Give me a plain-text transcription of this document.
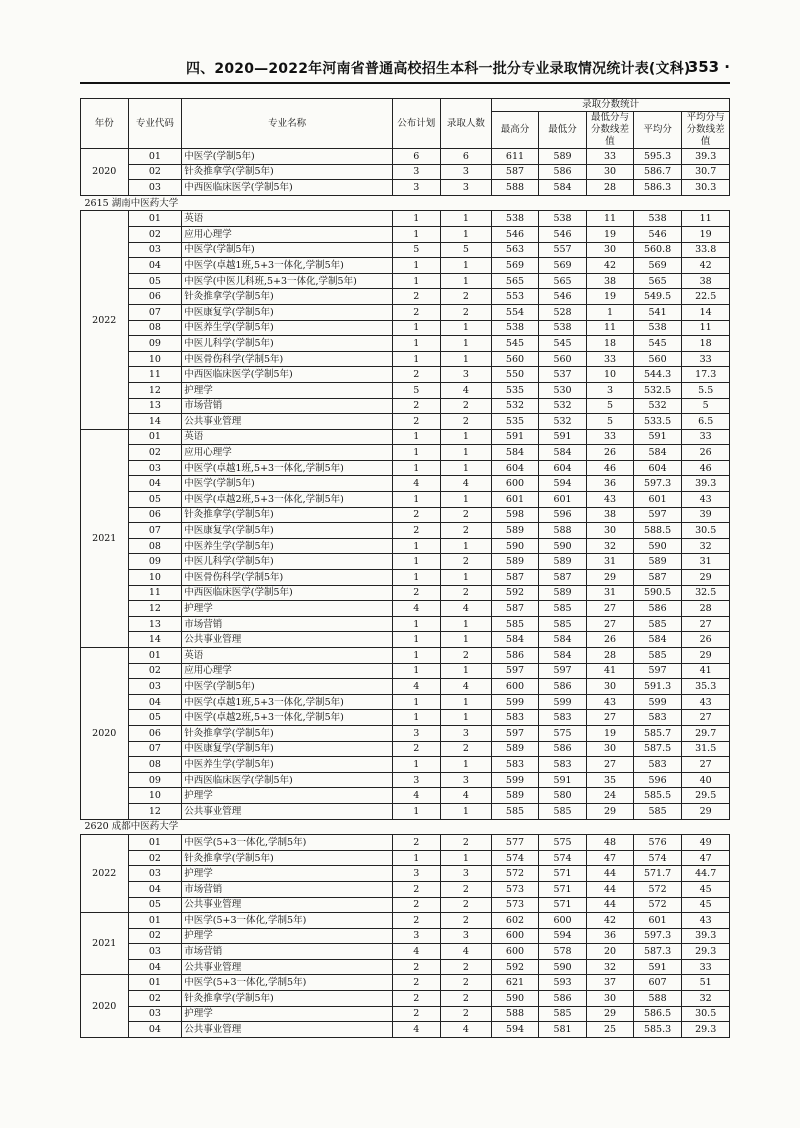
四、2020—2022年河南省普通高校招生本科一批分专业录取情况统计表(文科)
· 353 ·
年份	专业代码	专业名称	公布计划	录取人数	录取分数统计				
					最高分	最低分	最低分与分数线差值	平均分	平均分与分数线差值
2020	01	中医学(学制5年)	6	6	611	589	33	595.3	39.3
	02	针灸推拿学(学制5年)	3	3	587	586	30	586.7	30.7
	03	中西医临床医学(学制5年)	3	3	588	584	28	586.3	30.3
2615 湖南中医药大学									
2022	01	英语	1	1	538	538	11	538	11
	02	应用心理学	1	1	546	546	19	546	19
	03	中医学(学制5年)	5	5	563	557	30	560.8	33.8
	04	中医学(卓越1班,5+3一体化,学制5年)	1	1	569	569	42	569	42
	05	中医学(中医儿科班,5+3一体化,学制5年)	1	1	565	565	38	565	38
	06	针灸推拿学(学制5年)	2	2	553	546	19	549.5	22.5
	07	中医康复学(学制5年)	2	2	554	528	1	541	14
	08	中医养生学(学制5年)	1	1	538	538	11	538	11
	09	中医儿科学(学制5年)	1	1	545	545	18	545	18
	10	中医骨伤科学(学制5年)	1	1	560	560	33	560	33
	11	中西医临床医学(学制5年)	2	3	550	537	10	544.3	17.3
	12	护理学	5	4	535	530	3	532.5	5.5
	13	市场营销	2	2	532	532	5	532	5
	14	公共事业管理	2	2	535	532	5	533.5	6.5
2021	01	英语	1	1	591	591	33	591	33
	02	应用心理学	1	1	584	584	26	584	26
	03	中医学(卓越1班,5+3一体化,学制5年)	1	1	604	604	46	604	46
	04	中医学(学制5年)	4	4	600	594	36	597.3	39.3
	05	中医学(卓越2班,5+3一体化,学制5年)	1	1	601	601	43	601	43
	06	针灸推拿学(学制5年)	2	2	598	596	38	597	39
	07	中医康复学(学制5年)	2	2	589	588	30	588.5	30.5
	08	中医养生学(学制5年)	1	1	590	590	32	590	32
	09	中医儿科学(学制5年)	1	2	589	589	31	589	31
	10	中医骨伤科学(学制5年)	1	1	587	587	29	587	29
	11	中西医临床医学(学制5年)	2	2	592	589	31	590.5	32.5
	12	护理学	4	4	587	585	27	586	28
	13	市场营销	1	1	585	585	27	585	27
	14	公共事业管理	1	1	584	584	26	584	26
2020	01	英语	1	2	586	584	28	585	29
	02	应用心理学	1	1	597	597	41	597	41
	03	中医学(学制5年)	4	4	600	586	30	591.3	35.3
	04	中医学(卓越1班,5+3一体化,学制5年)	1	1	599	599	43	599	43
	05	中医学(卓越2班,5+3一体化,学制5年)	1	1	583	583	27	583	27
	06	针灸推拿学(学制5年)	3	3	597	575	19	585.7	29.7
	07	中医康复学(学制5年)	2	2	589	586	30	587.5	31.5
	08	中医养生学(学制5年)	1	1	583	583	27	583	27
	09	中西医临床医学(学制5年)	3	3	599	591	35	596	40
	10	护理学	4	4	589	580	24	585.5	29.5
	12	公共事业管理	1	1	585	585	29	585	29
2620 成都中医药大学									
2022	01	中医学(5+3一体化,学制5年)	2	2	577	575	48	576	49
	02	针灸推拿学(学制5年)	1	1	574	574	47	574	47
	03	护理学	3	3	572	571	44	571.7	44.7
	04	市场营销	2	2	573	571	44	572	45
	05	公共事业管理	2	2	573	571	44	572	45
2021	01	中医学(5+3一体化,学制5年)	2	2	602	600	42	601	43
	02	护理学	3	3	600	594	36	597.3	39.3
	03	市场营销	4	4	600	578	20	587.3	29.3
	04	公共事业管理	2	2	592	590	32	591	33
2020	01	中医学(5+3一体化,学制5年)	2	2	621	593	37	607	51
	02	针灸推拿学(学制5年)	2	2	590	586	30	588	32
	03	护理学	2	2	588	585	29	586.5	30.5
	04	公共事业管理	4	4	594	581	25	585.3	29.3
